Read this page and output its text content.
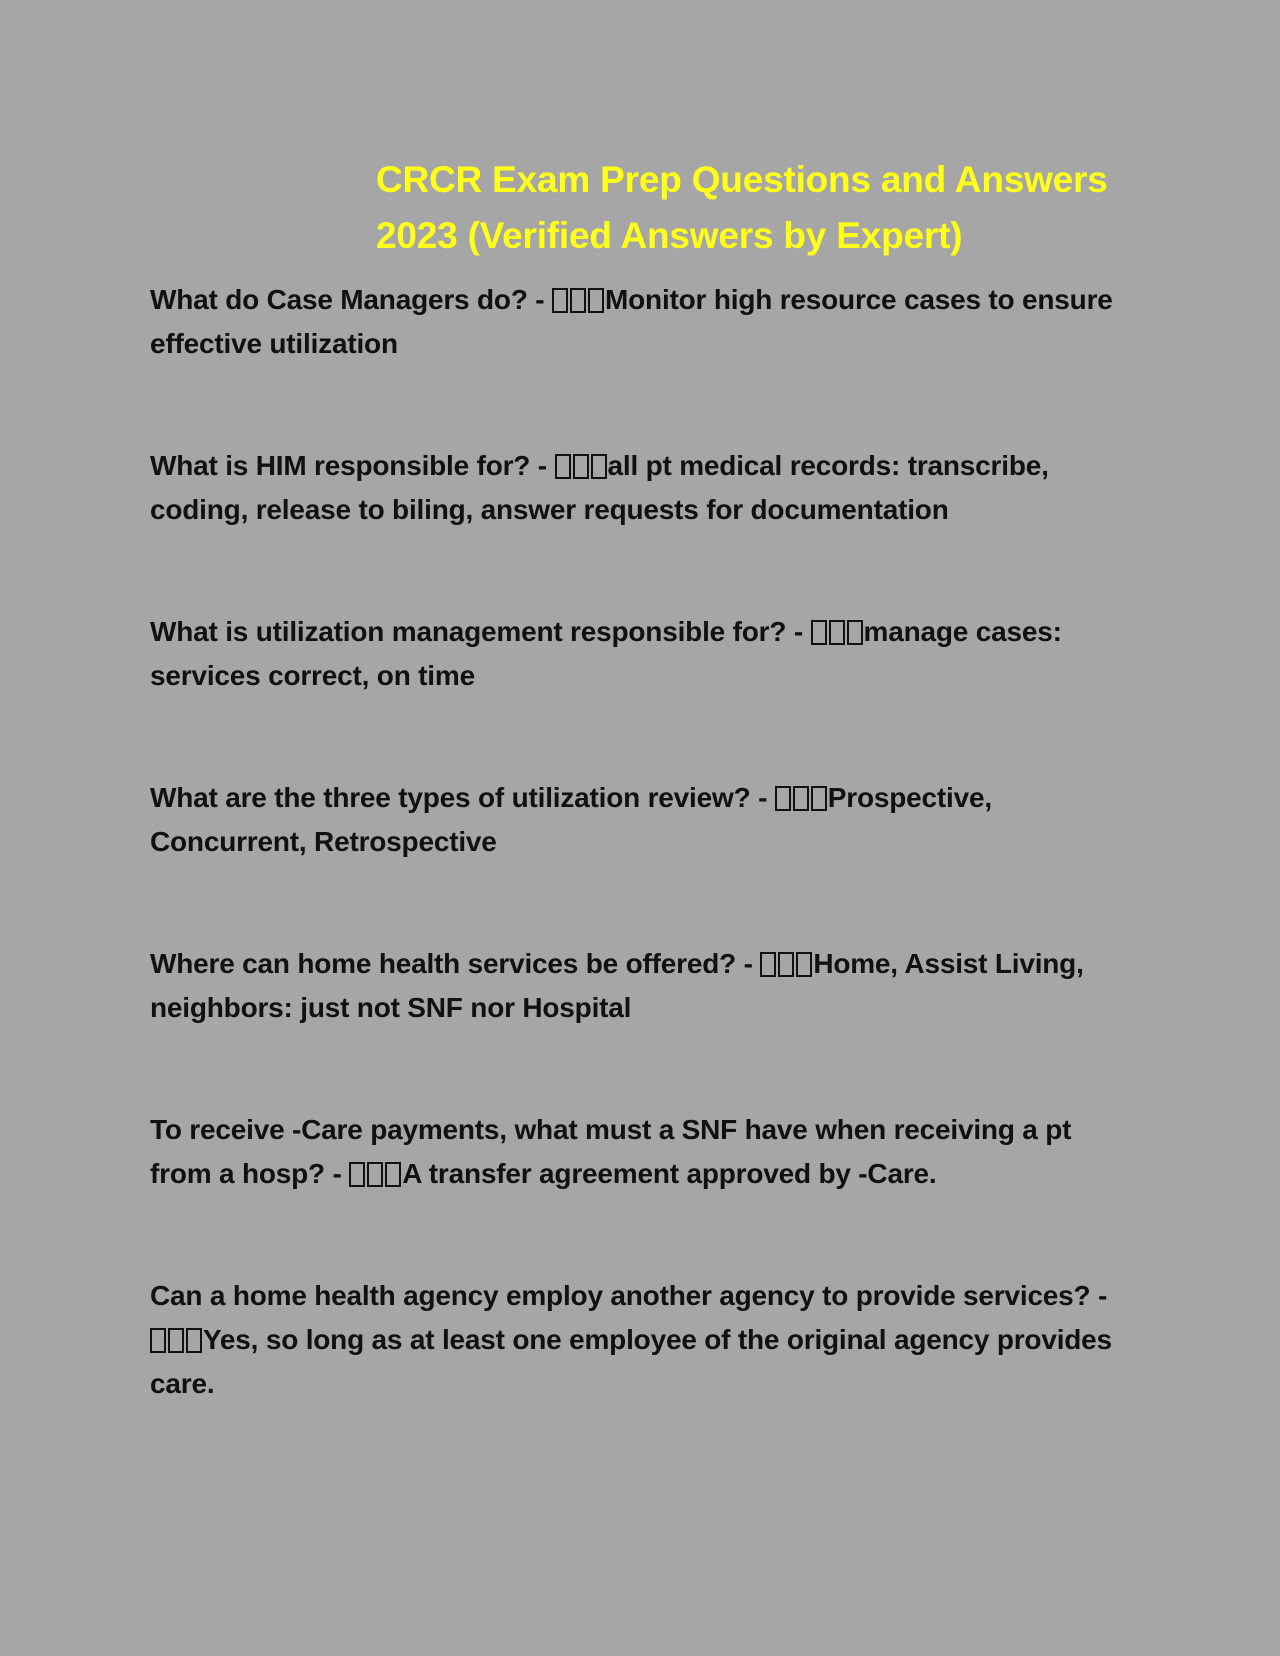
CRCR Exam Prep Questions and Answers
2023 (Verified Answers by Expert)
What do Case Managers do? -
Monitor high resource cases to ensure effective utilization
What is HIM responsible for? -
all pt medical records: transcribe, coding, release to biling, answer requests for documentation
What is utilization management responsible for? -
manage cases: services correct, on time
What are the three types of utilization review? -
Prospective, Concurrent, Retrospective
Where can home health services be offered? -
Home, Assist Living, neighbors: just not SNF nor Hospital
To receive -Care payments, what must a SNF have when receiving a pt from a hosp? -
A transfer agreement approved by -Care.
Can a home health agency employ another agency to provide services? -
Yes, so long as at least one employee of the original agency provides care.
